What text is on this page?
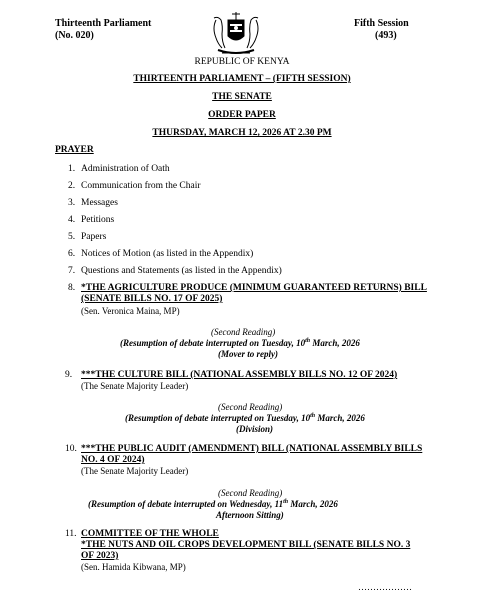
Thirteenth Parliament
(No. 020)
Fifth Session
(493)
REPUBLIC OF KENYA
THIRTEENTH PARLIAMENT – (FIFTH SESSION)
THE SENATE
ORDER PAPER
THURSDAY, MARCH 12, 2026 AT 2.30 PM
PRAYER
1. Administration of Oath
2. Communication from the Chair
3. Messages
4. Petitions
5. Papers
6. Notices of Motion (as listed in the Appendix)
7. Questions and Statements (as listed in the Appendix)
8. *THE AGRICULTURE PRODUCE (MINIMUM GUARANTEED RETURNS) BILL
(SENATE BILLS NO. 17 OF 2025)
(Sen. Veronica Maina, MP)
(Second Reading)
(Resumption of debate interrupted on Tuesday, 10th March, 2026
(Mover to reply)
9. ***THE CULTURE BILL (NATIONAL ASSEMBLY BILLS NO. 12 OF 2024)
(The Senate Majority Leader)
(Second Reading)
(Resumption of debate interrupted on Tuesday, 10th March, 2026
(Division)
10. ***THE PUBLIC AUDIT (AMENDMENT) BILL (NATIONAL ASSEMBLY BILLS
NO. 4 OF 2024)
(The Senate Majority Leader)
(Second Reading)
(Resumption of debate interrupted on Wednesday, 11th March, 2026
Afternoon Sitting)
11. COMMITTEE OF THE WHOLE
*THE NUTS AND OIL CROPS DEVELOPMENT BILL (SENATE BILLS NO. 3
OF 2023)
(Sen. Hamida Kibwana, MP)
………………
